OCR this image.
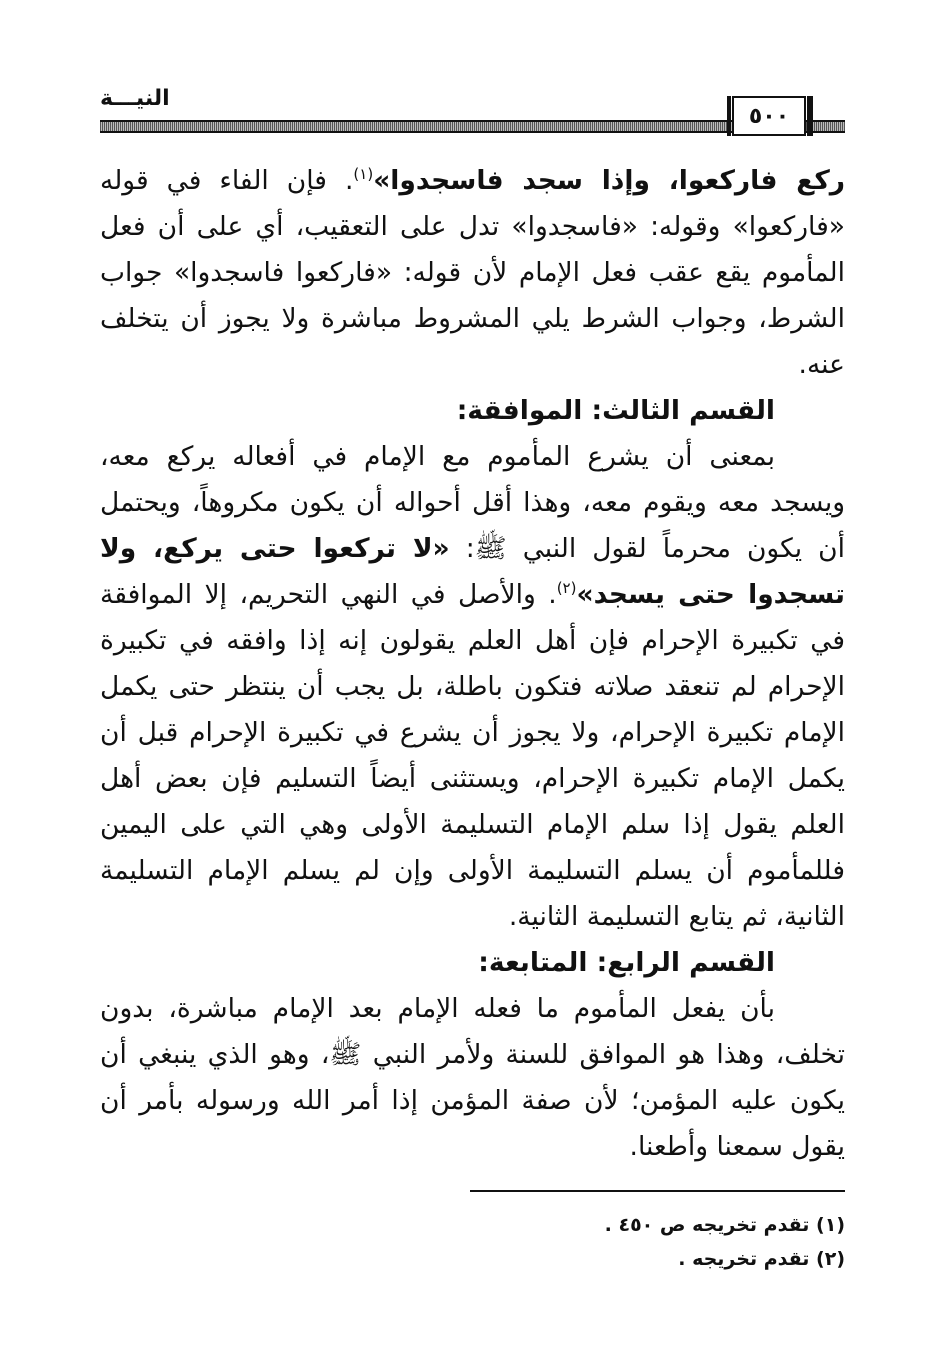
النيـــة
٥٠٠

ركع فاركعوا، وإذا سجد فاسجدوا»$^{(١)}$. فإن الفاء في قوله «فاركعوا» وقوله: «فاسجدوا» تدل على التعقيب، أي على أن فعل المأموم يقع عقب فعل الإمام لأن قوله: «فاركعوا فاسجدوا» جواب الشرط، وجواب الشرط يلي المشروط مباشرة ولا يجوز أن يتخلف عنه.

القسم الثالث: الموافقة:

بمعنى أن يشرع المأموم مع الإمام في أفعاله يركع معه، ويسجد معه ويقوم معه، وهذا أقل أحواله أن يكون مكروهاً، ويحتمل أن يكون محرماً لقول النبي ﷺ: «لا تركعوا حتى يركع، ولا تسجدوا حتى يسجد»$^{(٢)}$. والأصل في النهي التحريم، إلا الموافقة في تكبيرة الإحرام فإن أهل العلم يقولون إنه إذا وافقه في تكبيرة الإحرام لم تنعقد صلاته فتكون باطلة، بل يجب أن ينتظر حتى يكمل الإمام تكبيرة الإحرام، ولا يجوز أن يشرع في تكبيرة الإحرام قبل أن يكمل الإمام تكبيرة الإحرام، ويستثنى أيضاً التسليم فإن بعض أهل العلم يقول إذا سلم الإمام التسليمة الأولى وهي التي على اليمين فللمأموم أن يسلم التسليمة الأولى وإن لم يسلم الإمام التسليمة الثانية، ثم يتابع التسليمة الثانية.

القسم الرابع: المتابعة:

بأن يفعل المأموم ما فعله الإمام بعد الإمام مباشرة، بدون تخلف، وهذا هو الموافق للسنة ولأمر النبي ﷺ، وهو الذي ينبغي أن يكون عليه المؤمن؛ لأن صفة المؤمن إذا أمر الله ورسوله بأمر أن يقول سمعنا وأطعنا.

(١) تقدم تخريجه ص ٤٥٠ .
(٢) تقدم تخريجه .
